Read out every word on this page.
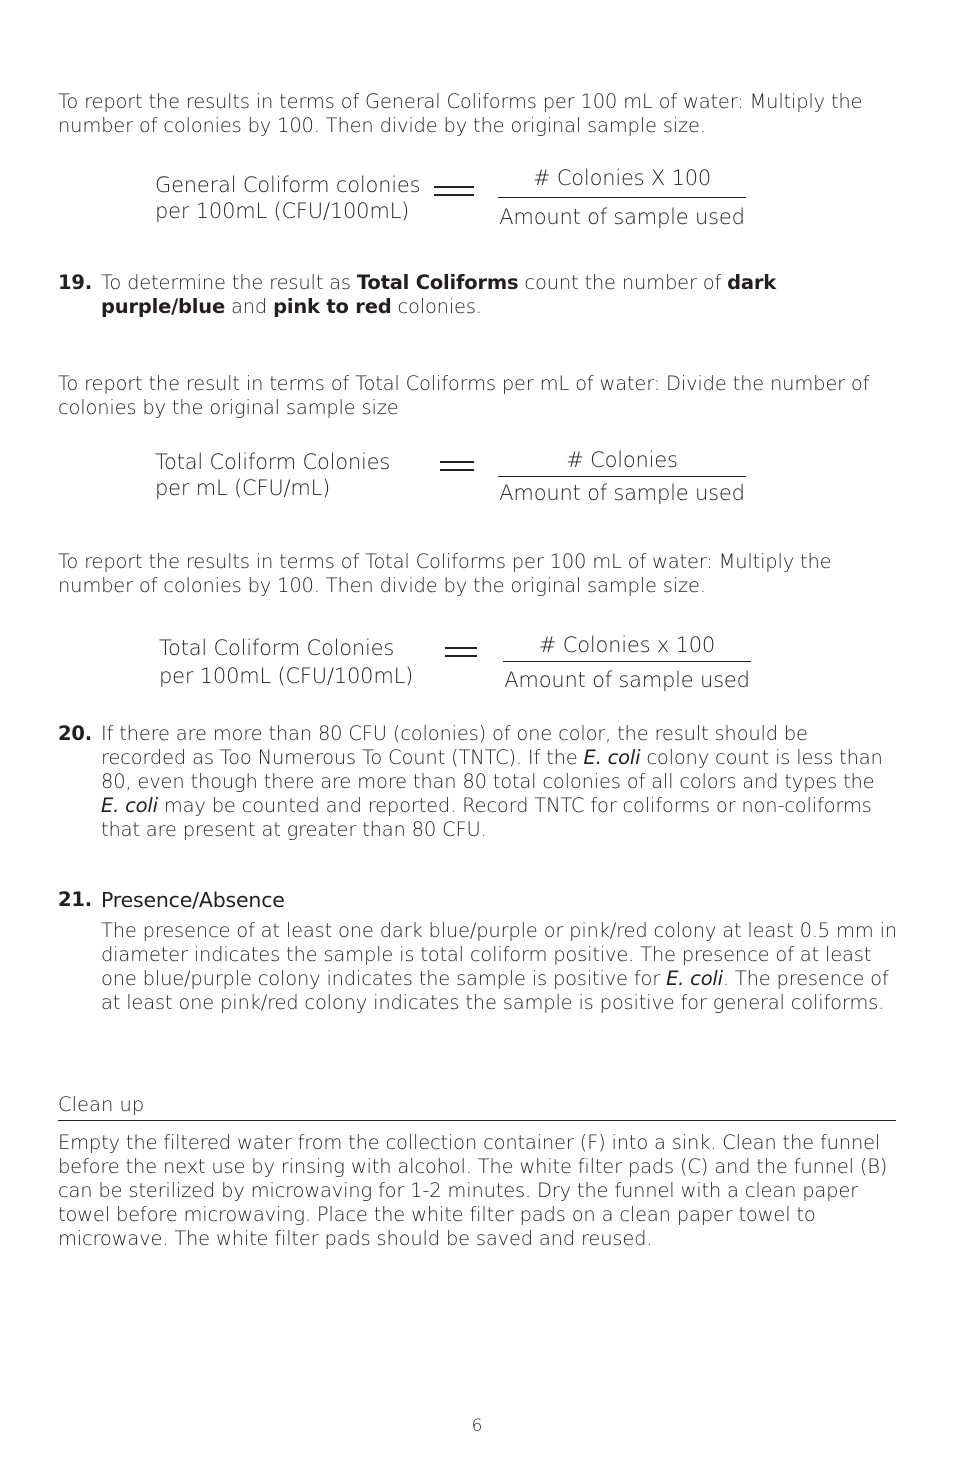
To report the results in terms of General Coliforms per 100 mL of water: Multiply the number of colonies by 100. Then divide by the original sample size.
General Coliform colonies
per 100mL (CFU/100mL)
# Colonies X 100
Amount of sample used
19. To determine the result as Total Coliforms count the number of dark purple/blue and pink to red colonies.
To report the result in terms of Total Coliforms per mL of water: Divide the number of colonies by the original sample size
Total Coliform Colonies
per mL (CFU/mL)
# Colonies
Amount of sample used
To report the results in terms of Total Coliforms per 100 mL of water: Multiply the number of colonies by 100. Then divide by the original sample size.
Total Coliform Colonies
per 100mL (CFU/100mL)
# Colonies x 100
Amount of sample used
20. If there are more than 80 CFU (colonies) of one color, the result should be recorded as Too Numerous To Count (TNTC). If the E. coli colony count is less than 80, even though there are more than 80 total colonies of all colors and types the E. coli may be counted and reported. Record TNTC for coliforms or non-coliforms that are present at greater than 80 CFU.
21. Presence/Absence
The presence of at least one dark blue/purple or pink/red colony at least 0.5 mm in diameter indicates the sample is total coliform positive. The presence of at least one blue/purple colony indicates the sample is positive for E. coli. The presence of at least one pink/red colony indicates the sample is positive for general coliforms.
Clean up
Empty the filtered water from the collection container (F) into a sink. Clean the funnel before the next use by rinsing with alcohol. The white filter pads (C) and the funnel (B) can be sterilized by microwaving for 1-2 minutes. Dry the funnel with a clean paper towel before microwaving. Place the white filter pads on a clean paper towel to microwave. The white filter pads should be saved and reused.
6
